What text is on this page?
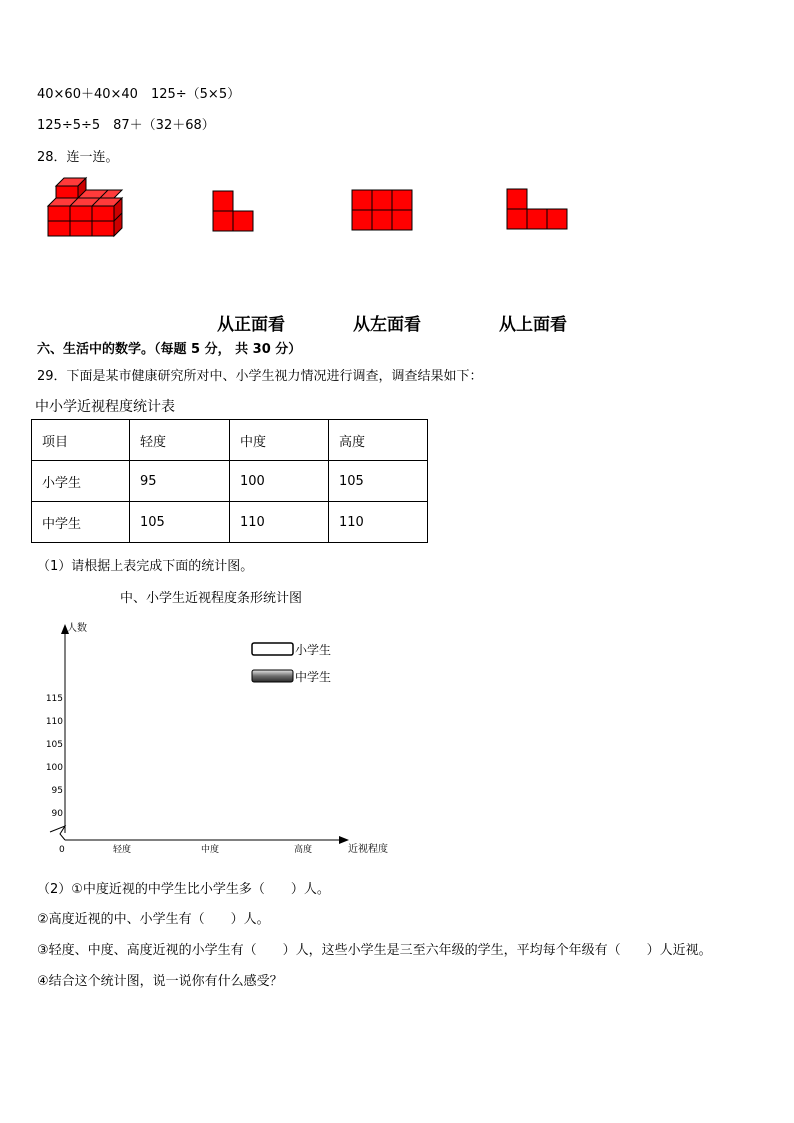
40×60＋40×40　125÷（5×5）
125÷5÷5　87＋（32＋68）
28．连一连。
从正面看	从左面看	从上面看
六、生活中的数学。（每题 5 分， 共 30 分）
29．下面是某市健康研究所对中、小学生视力情况进行调查，调查结果如下：
中小学近视程度统计表
项目	轻度	中度	高度
小学生	95	100	105
中学生	105	110	110
（1）请根据上表完成下面的统计图。
中、小学生近视程度条形统计图
人数
近视程度
0
90
95
100
105
110
115
轻度	中度	高度
小学生
中学生
（2）①中度近视的中学生比小学生多（　　）人。
②高度近视的中、小学生有（　　）人。
③轻度、中度、高度近视的小学生有（　　）人，这些小学生是三至六年级的学生，平均每个年级有（　　）人近视。
④结合这个统计图，说一说你有什么感受？
